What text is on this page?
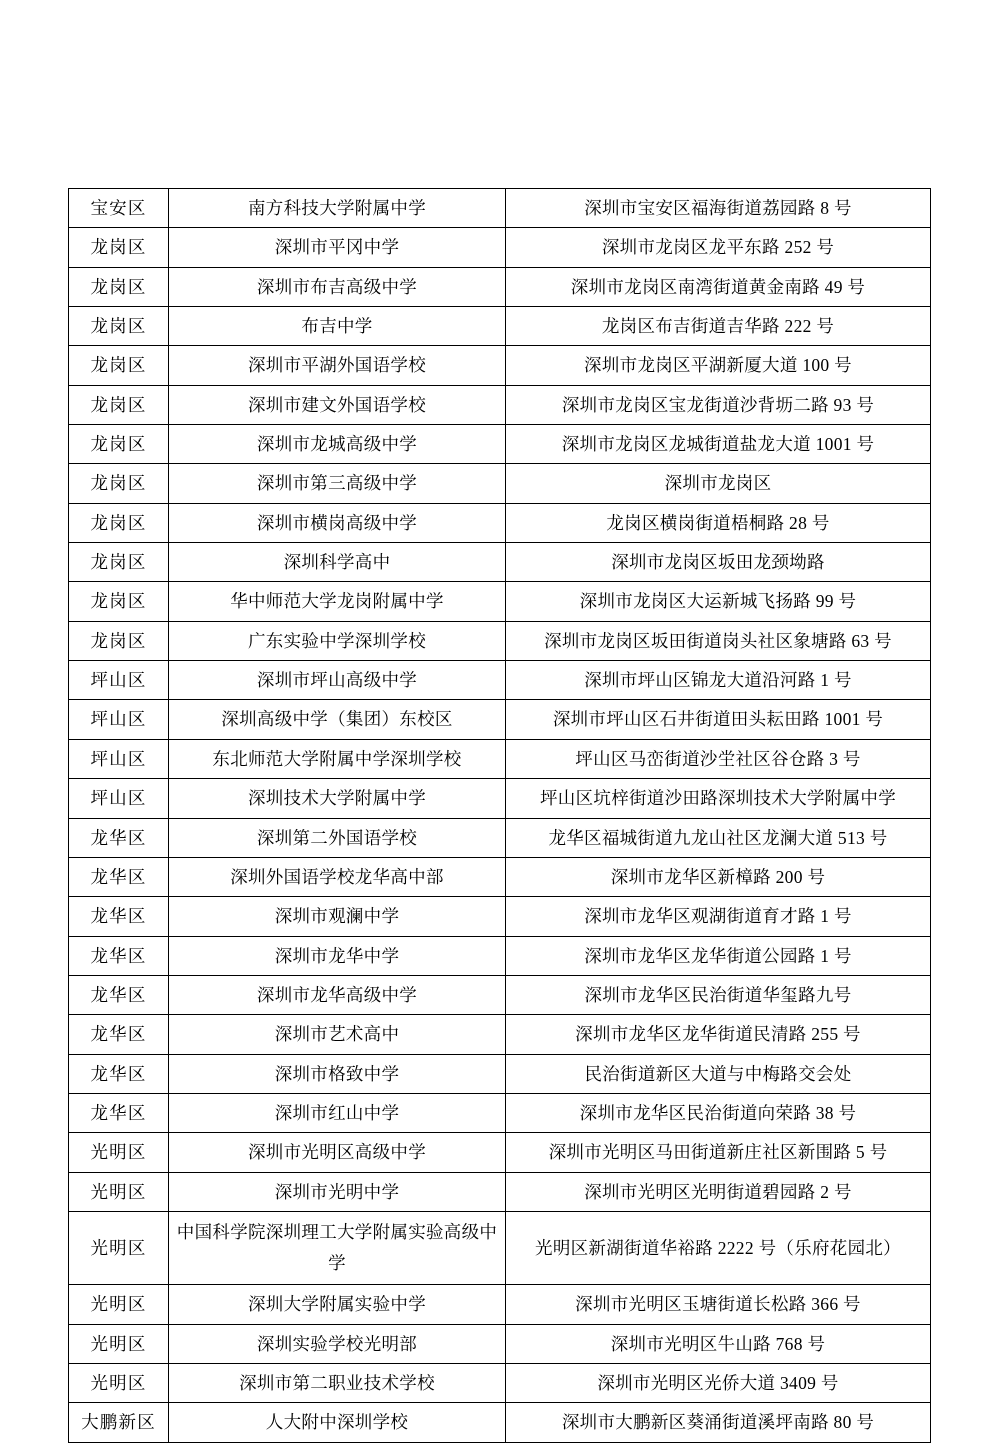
宝安区	南方科技大学附属中学	深圳市宝安区福海街道荔园路 8 号
龙岗区	深圳市平冈中学	深圳市龙岗区龙平东路 252 号
龙岗区	深圳市布吉高级中学	深圳市龙岗区南湾街道黄金南路 49 号
龙岗区	布吉中学	龙岗区布吉街道吉华路 222 号
龙岗区	深圳市平湖外国语学校	深圳市龙岗区平湖新厦大道 100 号
龙岗区	深圳市建文外国语学校	深圳市龙岗区宝龙街道沙背坜二路 93 号
龙岗区	深圳市龙城高级中学	深圳市龙岗区龙城街道盐龙大道 1001 号
龙岗区	深圳市第三高级中学	深圳市龙岗区
龙岗区	深圳市横岗高级中学	龙岗区横岗街道梧桐路 28 号
龙岗区	深圳科学高中	深圳市龙岗区坂田龙颈坳路
龙岗区	华中师范大学龙岗附属中学	深圳市龙岗区大运新城飞扬路 99 号
龙岗区	广东实验中学深圳学校	深圳市龙岗区坂田街道岗头社区象塘路 63 号
坪山区	深圳市坪山高级中学	深圳市坪山区锦龙大道沿河路 1 号
坪山区	深圳高级中学（集团）东校区	深圳市坪山区石井街道田头耘田路 1001 号
坪山区	东北师范大学附属中学深圳学校	坪山区马峦街道沙坣社区谷仓路 3 号
坪山区	深圳技术大学附属中学	坪山区坑梓街道沙田路深圳技术大学附属中学
龙华区	深圳第二外国语学校	龙华区福城街道九龙山社区龙澜大道 513 号
龙华区	深圳外国语学校龙华高中部	深圳市龙华区新樟路 200 号
龙华区	深圳市观澜中学	深圳市龙华区观湖街道育才路 1 号
龙华区	深圳市龙华中学	深圳市龙华区龙华街道公园路 1 号
龙华区	深圳市龙华高级中学	深圳市龙华区民治街道华玺路九号
龙华区	深圳市艺术高中	深圳市龙华区龙华街道民清路 255 号
龙华区	深圳市格致中学	民治街道新区大道与中梅路交会处
龙华区	深圳市红山中学	深圳市龙华区民治街道向荣路 38 号
光明区	深圳市光明区高级中学	深圳市光明区马田街道新庄社区新围路 5 号
光明区	深圳市光明中学	深圳市光明区光明街道碧园路 2 号
光明区	中国科学院深圳理工大学附属实验高级中学	光明区新湖街道华裕路 2222 号（乐府花园北）
光明区	深圳大学附属实验中学	深圳市光明区玉塘街道长松路 366 号
光明区	深圳实验学校光明部	深圳市光明区牛山路 768 号
光明区	深圳市第二职业技术学校	深圳市光明区光侨大道 3409 号
大鹏新区	人大附中深圳学校	深圳市大鹏新区葵涌街道溪坪南路 80 号
